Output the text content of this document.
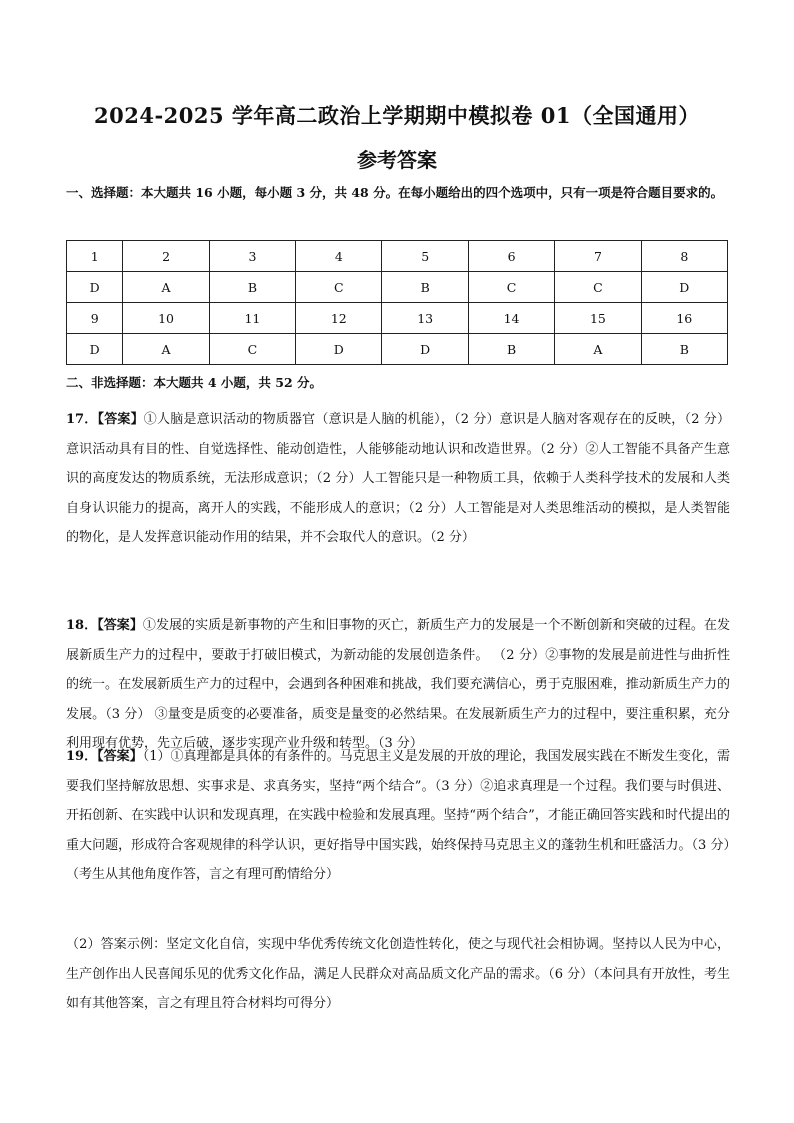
2024-2025 学年高二政治上学期期中模拟卷 01（全国通用）
参考答案
一、选择题：本大题共 16 小题，每小题 3 分，共 48 分。在每小题给出的四个选项中，只有一项是符合题目要求的。
1	2	3	4	5	6	7	8
D	A	B	C	B	C	C	D
9	10	11	12	13	14	15	16
D	A	C	D	D	B	A	B
二、非选择题：本大题共 4 小题，共 52 分。
17．【答案】①人脑是意识活动的物质器官（意识是人脑的机能），（2 分）意识是人脑对客观存在的反映，（2 分）意识活动具有目的性、自觉选择性、能动创造性，人能够能动地认识和改造世界。（2 分）②人工智能不具备产生意识的高度发达的物质系统，无法形成意识；（2 分）人工智能只是一种物质工具，依赖于人类科学技术的发展和人类自身认识能力的提高，离开人的实践，不能形成人的意识；（2 分）人工智能是对人类思维活动的模拟，是人类智能的物化，是人发挥意识能动作用的结果，并不会取代人的意识。（2 分）
18．【答案】①发展的实质是新事物的产生和旧事物的灭亡，新质生产力的发展是一个不断创新和突破的过程。在发展新质生产力的过程中，要敢于打破旧模式，为新动能的发展创造条件。 （2 分）②事物的发展是前进性与曲折性的统一。在发展新质生产力的过程中，会遇到各种困难和挑战，我们要充满信心，勇于克服困难，推动新质生产力的发展。（3 分） ③量变是质变的必要准备，质变是量变的必然结果。在发展新质生产力的过程中，要注重积累，充分利用现有优势，先立后破，逐步实现产业升级和转型。（3 分）
19．【答案】（1）①真理都是具体的有条件的。马克思主义是发展的开放的理论，我国发展实践在不断发生变化，需要我们坚持解放思想、实事求是、求真务实，坚持“两个结合”。（3 分）②追求真理是一个过程。我们要与时俱进、开拓创新、在实践中认识和发现真理，在实践中检验和发展真理。坚持“两个结合”，才能正确回答实践和时代提出的重大问题，形成符合客观规律的科学认识，更好指导中国实践，始终保持马克思主义的蓬勃生机和旺盛活力。（3 分）（考生从其他角度作答，言之有理可酌情给分）
（2）答案示例：坚定文化自信，实现中华优秀传统文化创造性转化，使之与现代社会相协调。坚持以人民为中心，生产创作出人民喜闻乐见的优秀文化作品，满足人民群众对高品质文化产品的需求。（6 分）（本问具有开放性，考生如有其他答案，言之有理且符合材料均可得分）
